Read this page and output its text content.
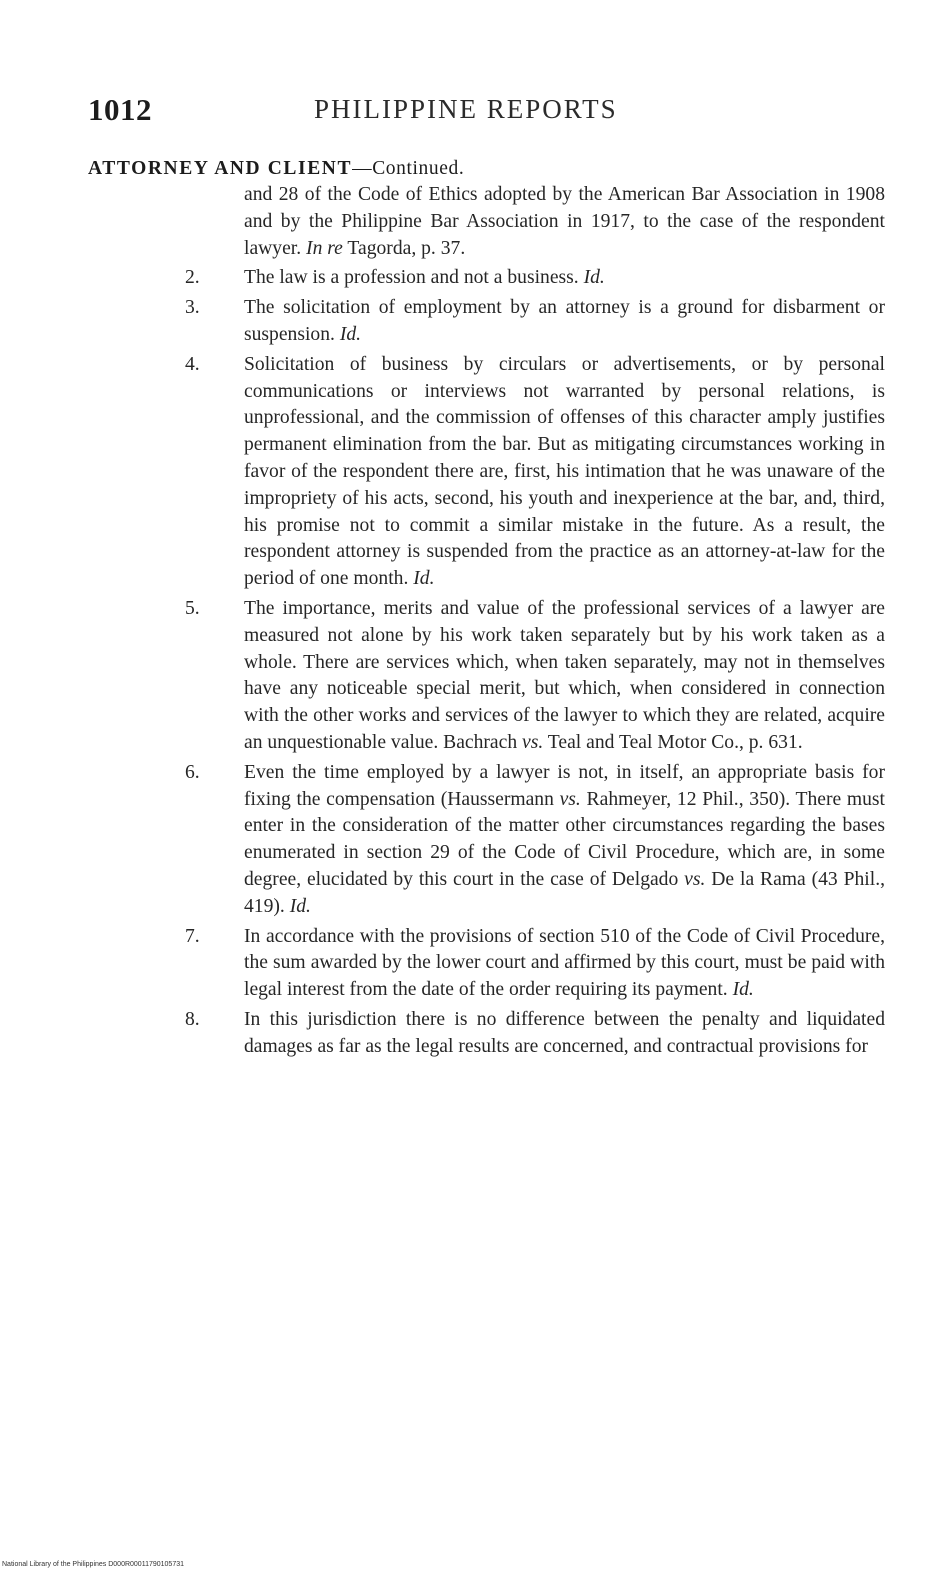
1012	PHILIPPINE REPORTS
ATTORNEY AND CLIENT—Continued.

and 28 of the Code of Ethics adopted by the American Bar Association in 1908 and by the Philippine Bar Association in 1917, to the case of the respondent lawyer. In re Tagorda, p. 37.

2. The law is a profession and not a business. Id.

3. The solicitation of employment by an attorney is a ground for disbarment or suspension. Id.

4. Solicitation of business by circulars or advertisements, or by personal communications or interviews not warranted by personal relations, is unprofessional, and the commission of offenses of this character amply justifies permanent elimination from the bar. But as mitigating circumstances working in favor of the respondent there are, first, his intimation that he was unaware of the impropriety of his acts, second, his youth and inexperience at the bar, and, third, his promise not to commit a similar mistake in the future. As a result, the respondent attorney is suspended from the practice as an attorney-at-law for the period of one month. Id.

5. The importance, merits and value of the professional services of a lawyer are measured not alone by his work taken separately but by his work taken as a whole. There are services which, when taken separately, may not in themselves have any noticeable special merit, but which, when considered in connection with the other works and services of the lawyer to which they are related, acquire an unquestionable value. Bachrach vs. Teal and Teal Motor Co., p. 631.

6. Even the time employed by a lawyer is not, in itself, an appropriate basis for fixing the compensation (Haussermann vs. Rahmeyer, 12 Phil., 350). There must enter in the consideration of the matter other circumstances regarding the bases enumerated in section 29 of the Code of Civil Procedure, which are, in some degree, elucidated by this court in the case of Delgado vs. De la Rama (43 Phil., 419). Id.

7. In accordance with the provisions of section 510 of the Code of Civil Procedure, the sum awarded by the lower court and affirmed by this court, must be paid with legal interest from the date of the order requiring its payment. Id.

8. In this jurisdiction there is no difference between the penalty and liquidated damages as far as the legal results are concerned, and contractual provisions for

National Library of the Philippines D000R00011790105731
